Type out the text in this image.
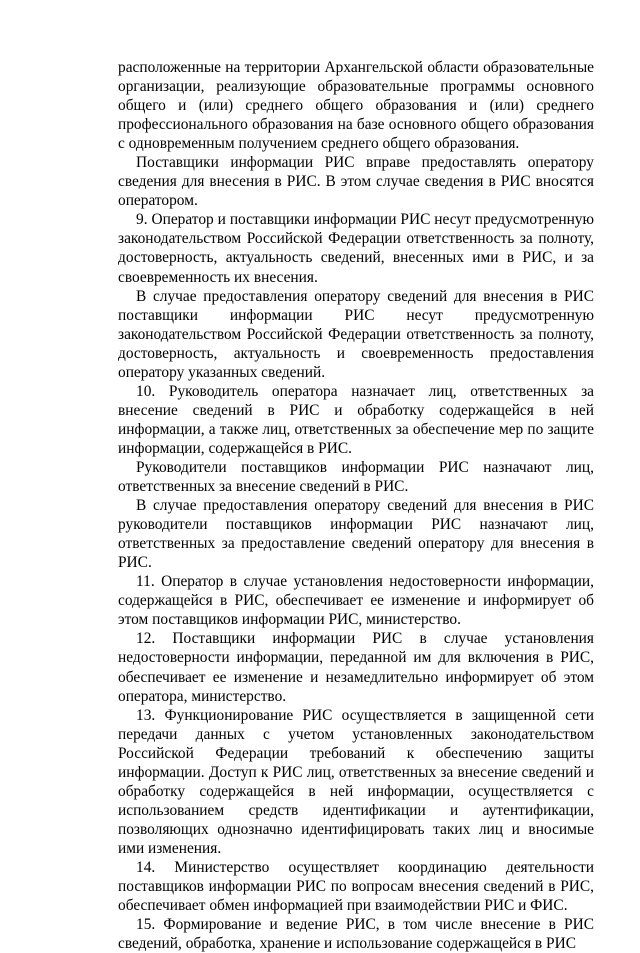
расположенные на территории Архангельской области образовательные организации, реализующие образовательные программы основного общего и (или) среднего общего образования и (или) среднего профессионального образования на базе основного общего образования с одновременным получением среднего общего образования.

Поставщики информации РИС вправе предоставлять оператору сведения для внесения в РИС. В этом случае сведения в РИС вносятся оператором.

9. Оператор и поставщики информации РИС несут предусмотренную законодательством Российской Федерации ответственность за полноту, достоверность, актуальность сведений, внесенных ими в РИС, и за своевременность их внесения.

В случае предоставления оператору сведений для внесения в РИС поставщики информации РИС несут предусмотренную законодательством Российской Федерации ответственность за полноту, достоверность, актуальность и своевременность предоставления оператору указанных сведений.

10. Руководитель оператора назначает лиц, ответственных за внесение сведений в РИС и обработку содержащейся в ней информации, а также лиц, ответственных за обеспечение мер по защите информации, содержащейся в РИС.

Руководители поставщиков информации РИС назначают лиц, ответственных за внесение сведений в РИС.

В случае предоставления оператору сведений для внесения в РИС руководители поставщиков информации РИС назначают лиц, ответственных за предоставление сведений оператору для внесения в РИС.

11. Оператор в случае установления недостоверности информации, содержащейся в РИС, обеспечивает ее изменение и информирует об этом поставщиков информации РИС, министерство.

12. Поставщики информации РИС в случае установления недостоверности информации, переданной им для включения в РИС, обеспечивает ее изменение и незамедлительно информирует об этом оператора, министерство.

13. Функционирование РИС осуществляется в защищенной сети передачи данных с учетом установленных законодательством Российской Федерации требований к обеспечению защиты информации. Доступ к РИС лиц, ответственных за внесение сведений и обработку содержащейся в ней информации, осуществляется с использованием средств идентификации и аутентификации, позволяющих однозначно идентифицировать таких лиц и вносимые ими изменения.

14. Министерство осуществляет координацию деятельности поставщиков информации РИС по вопросам внесения сведений в РИС, обеспечивает обмен информацией при взаимодействии РИС и ФИС.

15. Формирование и ведение РИС, в том числе внесение в РИС сведений, обработка, хранение и использование содержащейся в РИС
